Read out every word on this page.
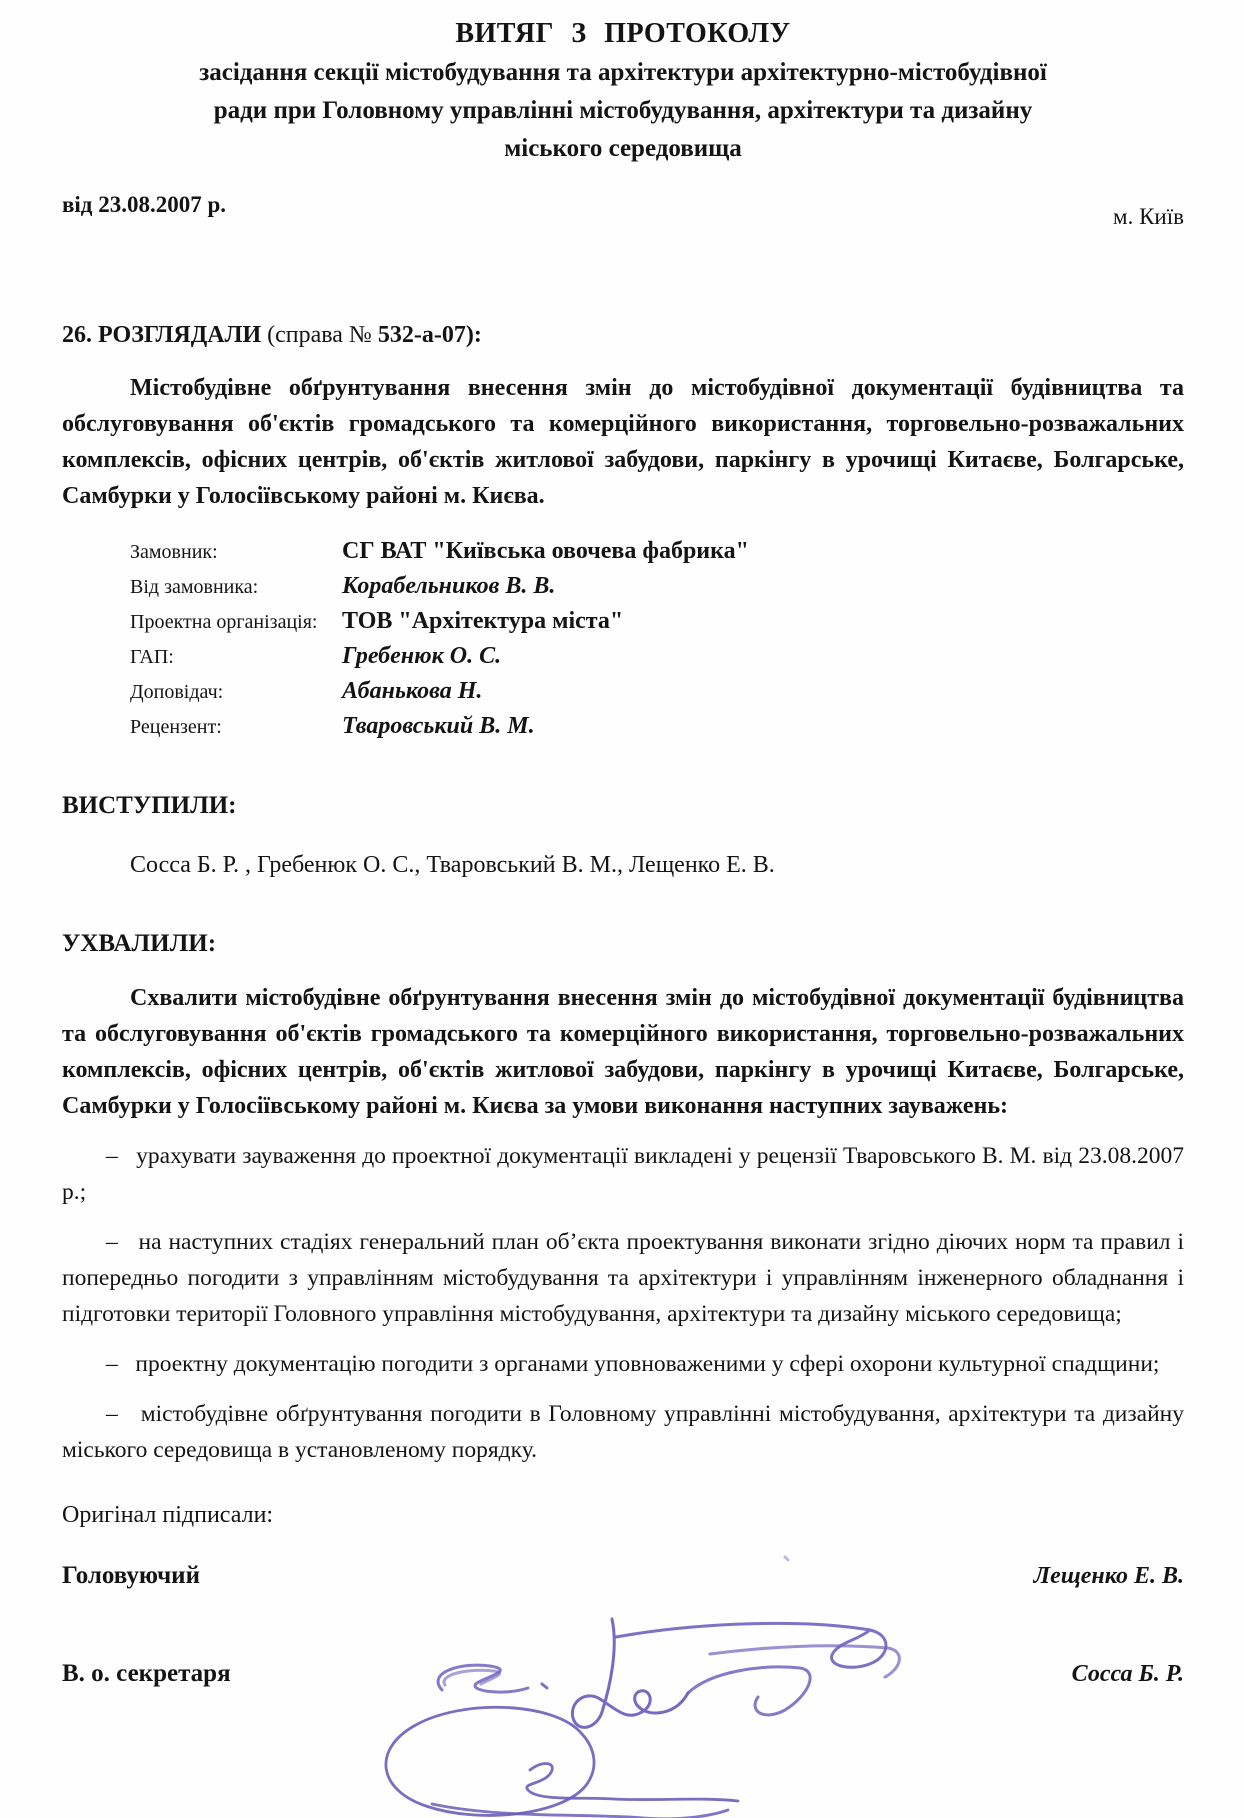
ВИТЯГ З ПРОТОКОЛУ
засідання секції містобудування та архітектури архітектурно-містобудівної
ради при Головному управлінні містобудування, архітектури та дизайну
міського середовища
від 23.08.2007 р.	м. Київ
26. РОЗГЛЯДАЛИ (справа № 532-а-07):
Містобудівне обґрунтування внесення змін до містобудівної документації будівництва та обслуговування об'єктів громадського та комерційного використання, торговельно-розважальних комплексів, офісних центрів, об'єктів житлової забудови, паркінгу в урочищі Китаєве, Болгарське, Самбурки у Голосіївському районі м. Києва.
Замовник:	СГ ВАТ "Київська овочева фабрика"
Від замовника:	Корабельников В. В.
Проектна організація:	ТОВ "Архітектура міста"
ГАП:	Гребенюк О. С.
Доповідач:	Абанькова Н.
Рецензент:	Тваровський В. М.
ВИСТУПИЛИ:
Сосса Б. Р. , Гребенюк О. С., Тваровський В. М., Лещенко Е. В.
УХВАЛИЛИ:
Схвалити містобудівне обґрунтування внесення змін до містобудівної документації будівництва та обслуговування об'єктів громадського та комерційного використання, торговельно-розважальних комплексів, офісних центрів, об'єктів житлової забудови, паркінгу в урочищі Китаєве, Болгарське, Самбурки у Голосіївському районі м. Києва за умови виконання наступних зауважень:
–   урахувати зауваження до проектної документації викладені у рецензії Тваровського В. М. від 23.08.2007 р.;
–   на наступних стадіях генеральний план об’єкта проектування виконати згідно діючих норм та правил і попередньо погодити з управлінням містобудування та архітектури і управлінням інженерного обладнання і підготовки території Головного управління містобудування, архітектури та дизайну міського середовища;
–   проектну документацію погодити з органами уповноваженими у сфері охорони культурної спадщини;
–   містобудівне обґрунтування погодити в Головному управлінні містобудування, архітектури та дизайну міського середовища в установленому порядку.
Оригінал підписали:
Головуючий	Лещенко Е. В.
В. о. секретаря	Сосса Б. Р.
